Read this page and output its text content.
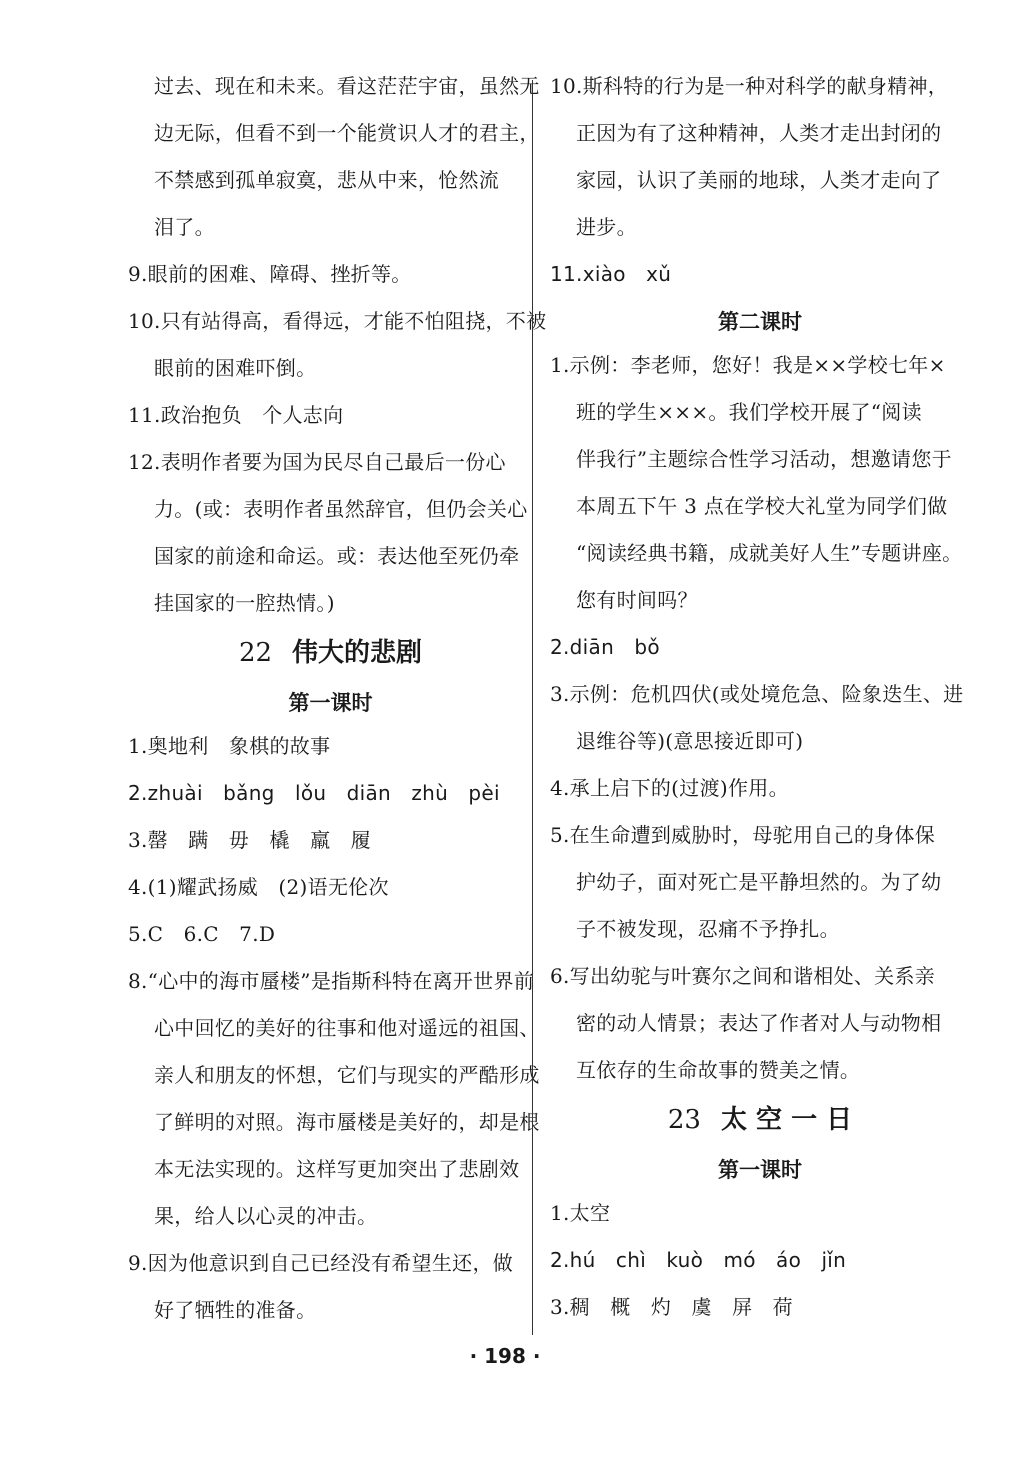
过去、现在和未来。看这茫茫宇宙，虽然无
边无际，但看不到一个能赏识人才的君主，
不禁感到孤单寂寞，悲从中来，怆然流
泪了。
9.眼前的困难、障碍、挫折等。
10.只有站得高，看得远，才能不怕阻挠，不被
眼前的困难吓倒。
11.政治抱负　个人志向
12.表明作者要为国为民尽自己最后一份心
力。(或：表明作者虽然辞官，但仍会关心
国家的前途和命运。或：表达他至死仍牵
挂国家的一腔热情。)
22 伟大的悲剧
第一课时
1.奥地利　象棋的故事
2.zhuài　bǎng　lǒu　diān　zhù　pèi
3.罄　蹒　毋　橇　羸　履
4.(1)耀武扬威　(2)语无伦次
5.C　6.C　7.D
8.“心中的海市蜃楼”是指斯科特在离开世界前
心中回忆的美好的往事和他对遥远的祖国、
亲人和朋友的怀想，它们与现实的严酷形成
了鲜明的对照。海市蜃楼是美好的，却是根
本无法实现的。这样写更加突出了悲剧效
果，给人以心灵的冲击。
9.因为他意识到自己已经没有希望生还，做
好了牺牲的准备。
10.斯科特的行为是一种对科学的献身精神，
正因为有了这种精神，人类才走出封闭的
家园，认识了美丽的地球，人类才走向了
进步。
11.xiào　xǔ
第二课时
1.示例：李老师，您好！我是××学校七年×
班的学生×××。我们学校开展了“阅读
伴我行”主题综合性学习活动，想邀请您于
本周五下午 3 点在学校大礼堂为同学们做
“阅读经典书籍，成就美好人生”专题讲座。
您有时间吗？
2.diān　bǒ
3.示例：危机四伏(或处境危急、险象迭生、进
退维谷等)(意思接近即可)
4.承上启下的(过渡)作用。
5.在生命遭到威胁时，母驼用自己的身体保
护幼子，面对死亡是平静坦然的。为了幼
子不被发现，忍痛不予挣扎。
6.写出幼驼与叶赛尔之间和谐相处、关系亲
密的动人情景；表达了作者对人与动物相
互依存的生命故事的赞美之情。
23 太 空 一 日
第一课时
1.太空
2.hú　chì　kuò　mó　áo　jǐn
3.稠　概　灼　虞　屏　荷
· 198 ·
